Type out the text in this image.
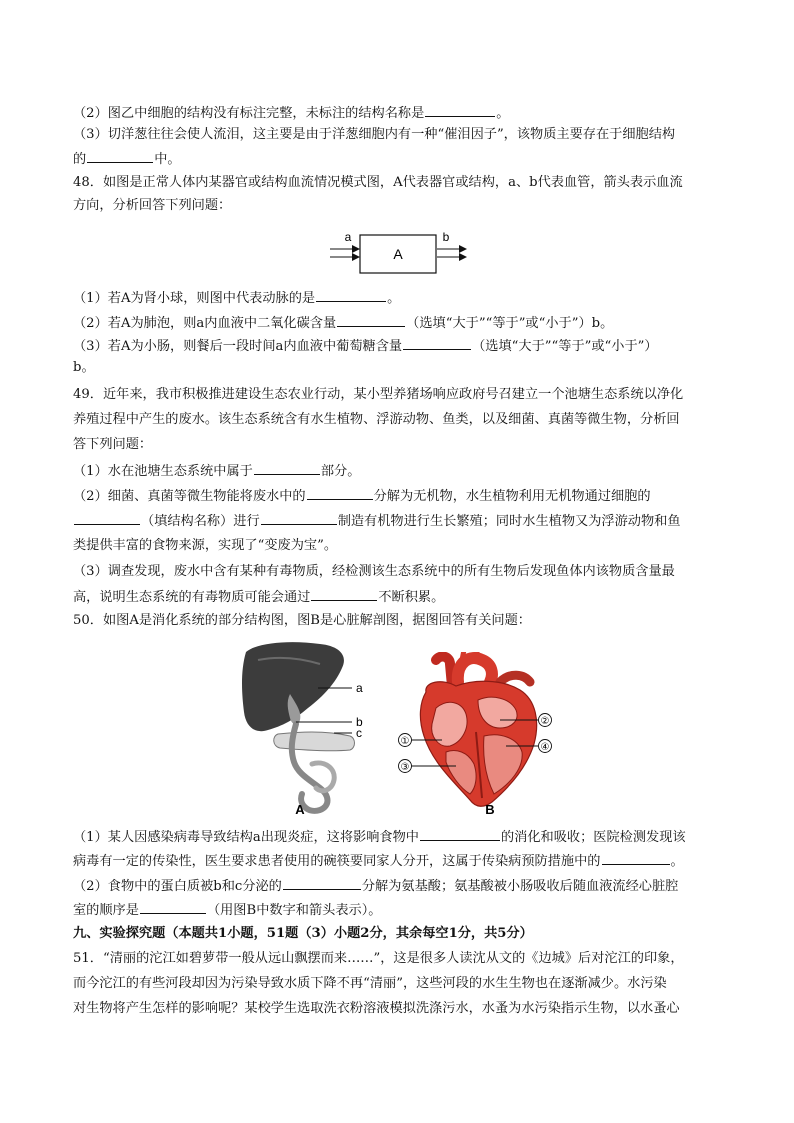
（2）图乙中细胞的结构没有标注完整，未标注的结构名称是	。
（3）切洋葱往往会使人流泪，这主要是由于洋葱细胞内有一种“催泪因子”，该物质主要存在于细胞结构
的	中。
48．如图是正常人体内某器官或结构血流情况模式图，A代表器官或结构，a、b代表血管，箭头表示血流
方向，分析回答下列问题：
A
a	b
（1）若A为肾小球，则图中代表动脉的是	。
（2）若A为肺泡，则a内血液中二氧化碳含量	（选填“大于”“等于”或“小于”）b。
（3）若A为小肠，则餐后一段时间a内血液中葡萄糖含量	（选填“大于”“等于”或“小于”）
b。
49．近年来，我市积极推进建设生态农业行动，某小型养猪场响应政府号召建立一个池塘生态系统以净化
养殖过程中产生的废水。该生态系统含有水生植物、浮游动物、鱼类，以及细菌、真菌等微生物，分析回
答下列问题：
（1）水在池塘生态系统中属于	部分。
（2）细菌、真菌等微生物能将废水中的	分解为无机物，水生植物利用无机物通过细胞的
（填结构名称）进行	制造有机物进行生长繁殖；同时水生植物又为浮游动物和鱼
类提供丰富的食物来源，实现了“变废为宝”。
（3）调查发现，废水中含有某种有毒物质，经检测该生态系统中的所有生物后发现鱼体内该物质含量最
高，说明生态系统的有毒物质可能会通过	不断积累。
50．如图A是消化系统的部分结构图，图B是心脏解剖图，据图回答有关问题：
a
b
c
A
②
①
④
③
B
（1）某人因感染病毒导致结构a出现炎症，这将影响食物中	的消化和吸收；医院检测发现该
病毒有一定的传染性，医生要求患者使用的碗筷要同家人分开，这属于传染病预防措施中的	。
（2）食物中的蛋白质被b和c分泌的	分解为氨基酸；氨基酸被小肠吸收后随血液流经心脏腔
室的顺序是	（用图B中数字和箭头表示）。
九、实验探究题（本题共1小题，51题（3）小题2分，其余每空1分，共5分）
51．“清丽的沱江如碧萝带一般从远山飘摆而来……”，这是很多人读沈从文的《边城》后对沱江的印象，
而今沱江的有些河段却因为污染导致水质下降不再“清丽”，这些河段的水生生物也在逐渐减少。水污染
对生物将产生怎样的影响呢？某校学生选取洗衣粉溶液模拟洗涤污水，水蚤为水污染指示生物，以水蚤心
